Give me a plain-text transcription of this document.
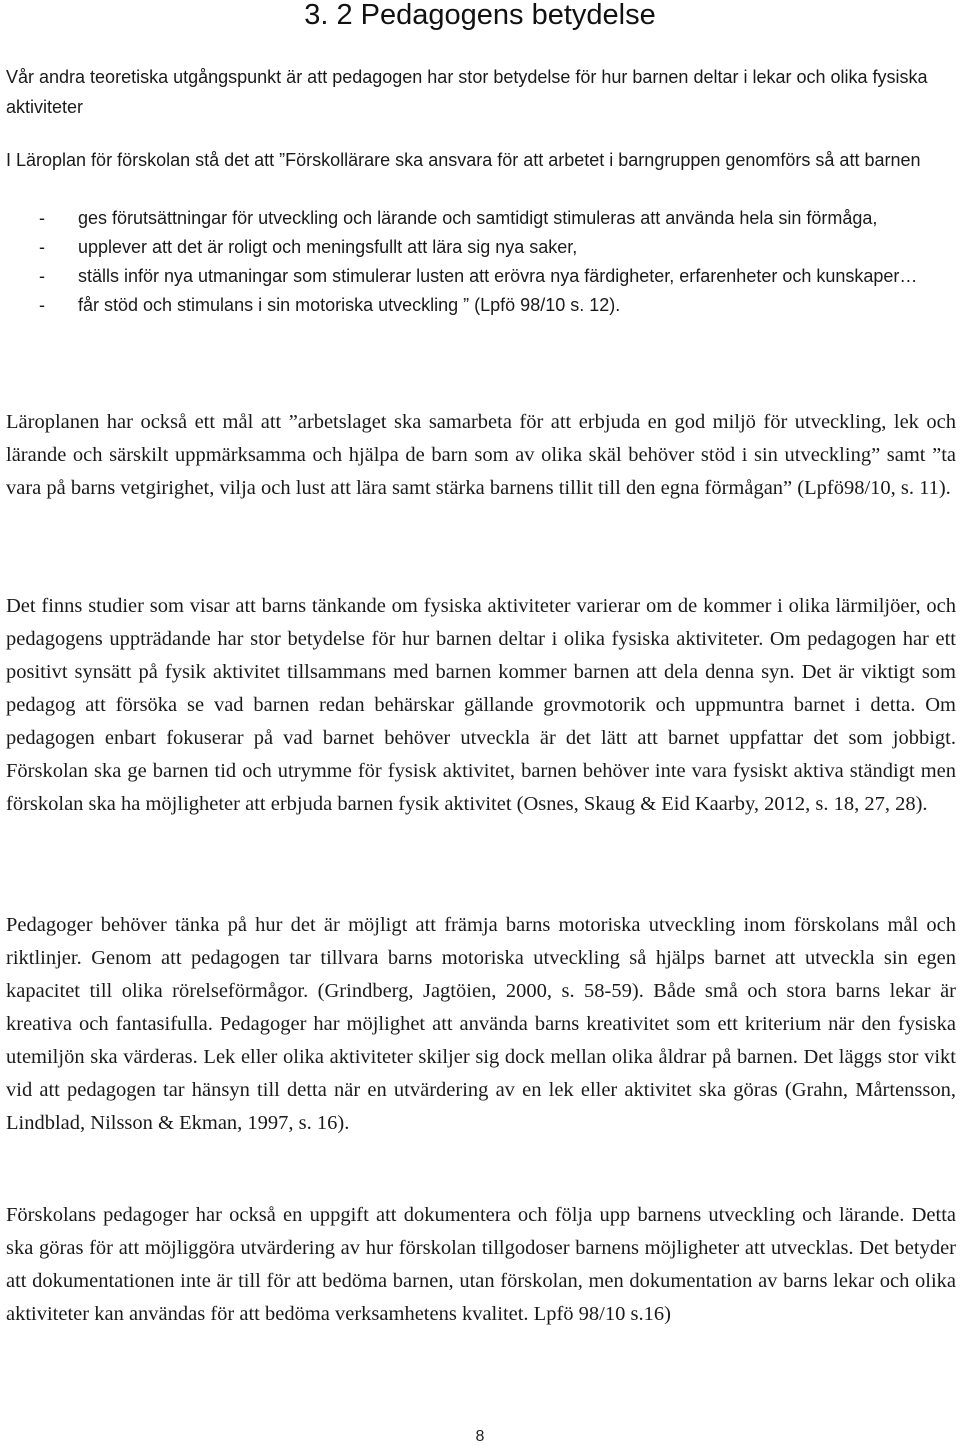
3. 2 Pedagogens betydelse

Vår andra teoretiska utgångspunkt är att pedagogen har stor betydelse för hur barnen deltar i lekar och olika fysiska aktiviteter

I Läroplan för förskolan stå det att ”Förskollärare ska ansvara för att arbetet i barngruppen genomförs så att barnen

- ges förutsättningar för utveckling och lärande och samtidigt stimuleras att använda hela sin förmåga,
- upplever att det är roligt och meningsfullt att lära sig nya saker,
- ställs inför nya utmaningar som stimulerar lusten att erövra nya färdigheter, erfarenheter och kunskaper…
- får stöd och stimulans i sin motoriska utveckling ” (Lpfö 98/10 s. 12).

Läroplanen har också ett mål att ”arbetslaget ska samarbeta för att erbjuda en god miljö för utveckling, lek och lärande och särskilt uppmärksamma och hjälpa de barn som av olika skäl behöver stöd i sin utveckling” samt ”ta vara på barns vetgirighet, vilja och lust att lära samt stärka barnens tillit till den egna förmågan” (Lpfö98/10, s. 11).

Det finns studier som visar att barns tänkande om fysiska aktiviteter varierar om de kommer i olika lärmiljöer, och pedagogens uppträdande har stor betydelse för hur barnen deltar i olika fysiska aktiviteter. Om pedagogen har ett positivt synsätt på fysik aktivitet tillsammans med barnen kommer barnen att dela denna syn. Det är viktigt som pedagog att försöka se vad barnen redan behärskar gällande grovmotorik och uppmuntra barnet i detta. Om pedagogen enbart fokuserar på vad barnet behöver utveckla är det lätt att barnet uppfattar det som jobbigt. Förskolan ska ge barnen tid och utrymme för fysisk aktivitet, barnen behöver inte vara fysiskt aktiva ständigt men förskolan ska ha möjligheter att erbjuda barnen fysik aktivitet (Osnes, Skaug & Eid Kaarby, 2012, s. 18, 27, 28).

Pedagoger behöver tänka på hur det är möjligt att främja barns motoriska utveckling inom förskolans mål och riktlinjer. Genom att pedagogen tar tillvara barns motoriska utveckling så hjälps barnet att utveckla sin egen kapacitet till olika rörelseförmågor. (Grindberg, Jagtöien, 2000, s. 58-59). Både små och stora barns lekar är kreativa och fantasifulla. Pedagoger har möjlighet att använda barns kreativitet som ett kriterium när den fysiska utemiljön ska värderas. Lek eller olika aktiviteter skiljer sig dock mellan olika åldrar på barnen. Det läggs stor vikt vid att pedagogen tar hänsyn till detta när en utvärdering av en lek eller aktivitet ska göras (Grahn, Mårtensson, Lindblad, Nilsson & Ekman, 1997, s. 16).

Förskolans pedagoger har också en uppgift att dokumentera och följa upp barnens utveckling och lärande. Detta ska göras för att möjliggöra utvärdering av hur förskolan tillgodoser barnens möjligheter att utvecklas. Det betyder att dokumentationen inte är till för att bedöma barnen, utan förskolan, men dokumentation av barns lekar och olika aktiviteter kan användas för att bedöma verksamhetens kvalitet. Lpfö 98/10 s.16)

8
